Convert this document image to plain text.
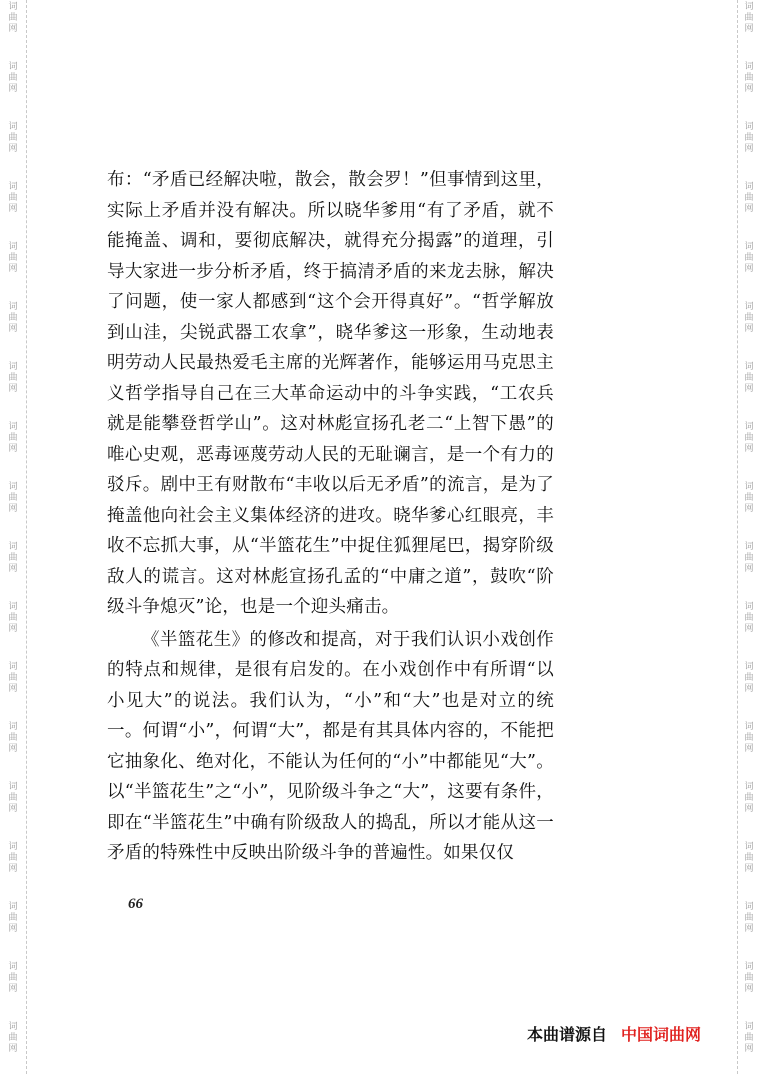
词
曲
网
词
曲
网
词
曲
网
词
曲
网
词
曲
网
词
曲
网
词
曲
网
词
曲
网
词
曲
网
词
曲
网
词
曲
网
词
曲
网
词
曲
网
词
曲
网
词
曲
网
词
曲
网
词
曲
网
词
曲
网
词
曲
网
词
曲
网
词
曲
网
词
曲
网
词
曲
网
词
曲
网
词
曲
网
词
曲
网
词
曲
网
词
曲
网
词
曲
网
词
曲
网
词
曲
网
词
曲
网
词
曲
网
词
曲
网
词
曲
网
词
曲
网

布：“矛盾已经解决啦，散会，散会罗！”但事情到这里，实际上矛盾并没有解决。所以晓华爹用“有了矛盾，就不能掩盖、调和，要彻底解决，就得充分揭露”的道理，引导大家进一步分析矛盾，终于搞清矛盾的来龙去脉，解决了问题，使一家人都感到“这个会开得真好”。“哲学解放到山洼，尖锐武器工农拿”，晓华爹这一形象，生动地表明劳动人民最热爱毛主席的光辉著作，能够运用马克思主义哲学指导自己在三大革命运动中的斗争实践，“工农兵就是能攀登哲学山”。这对林彪宣扬孔老二“上智下愚”的唯心史观，恶毒诬蔑劳动人民的无耻谰言，是一个有力的驳斥。剧中王有财散布“丰收以后无矛盾”的流言，是为了掩盖他向社会主义集体经济的进攻。晓华爹心红眼亮，丰收不忘抓大事，从“半篮花生”中捉住狐狸尾巴，揭穿阶级敌人的谎言。这对林彪宣扬孔孟的“中庸之道”，鼓吹“阶级斗争熄灭”论，也是一个迎头痛击。

《半篮花生》的修改和提高，对于我们认识小戏创作的特点和规律，是很有启发的。在小戏创作中有所谓“以小见大”的说法。我们认为，“小”和“大”也是对立的统一。何谓“小”，何谓“大”，都是有其具体内容的，不能把它抽象化、绝对化，不能认为任何的“小”中都能见“大”。以“半篮花生”之“小”，见阶级斗争之“大”，这要有条件，即在“半篮花生”中确有阶级敌人的捣乱，所以才能从这一矛盾的特殊性中反映出阶级斗争的普遍性。如果仅仅

66
本曲谱源自 中国词曲网
